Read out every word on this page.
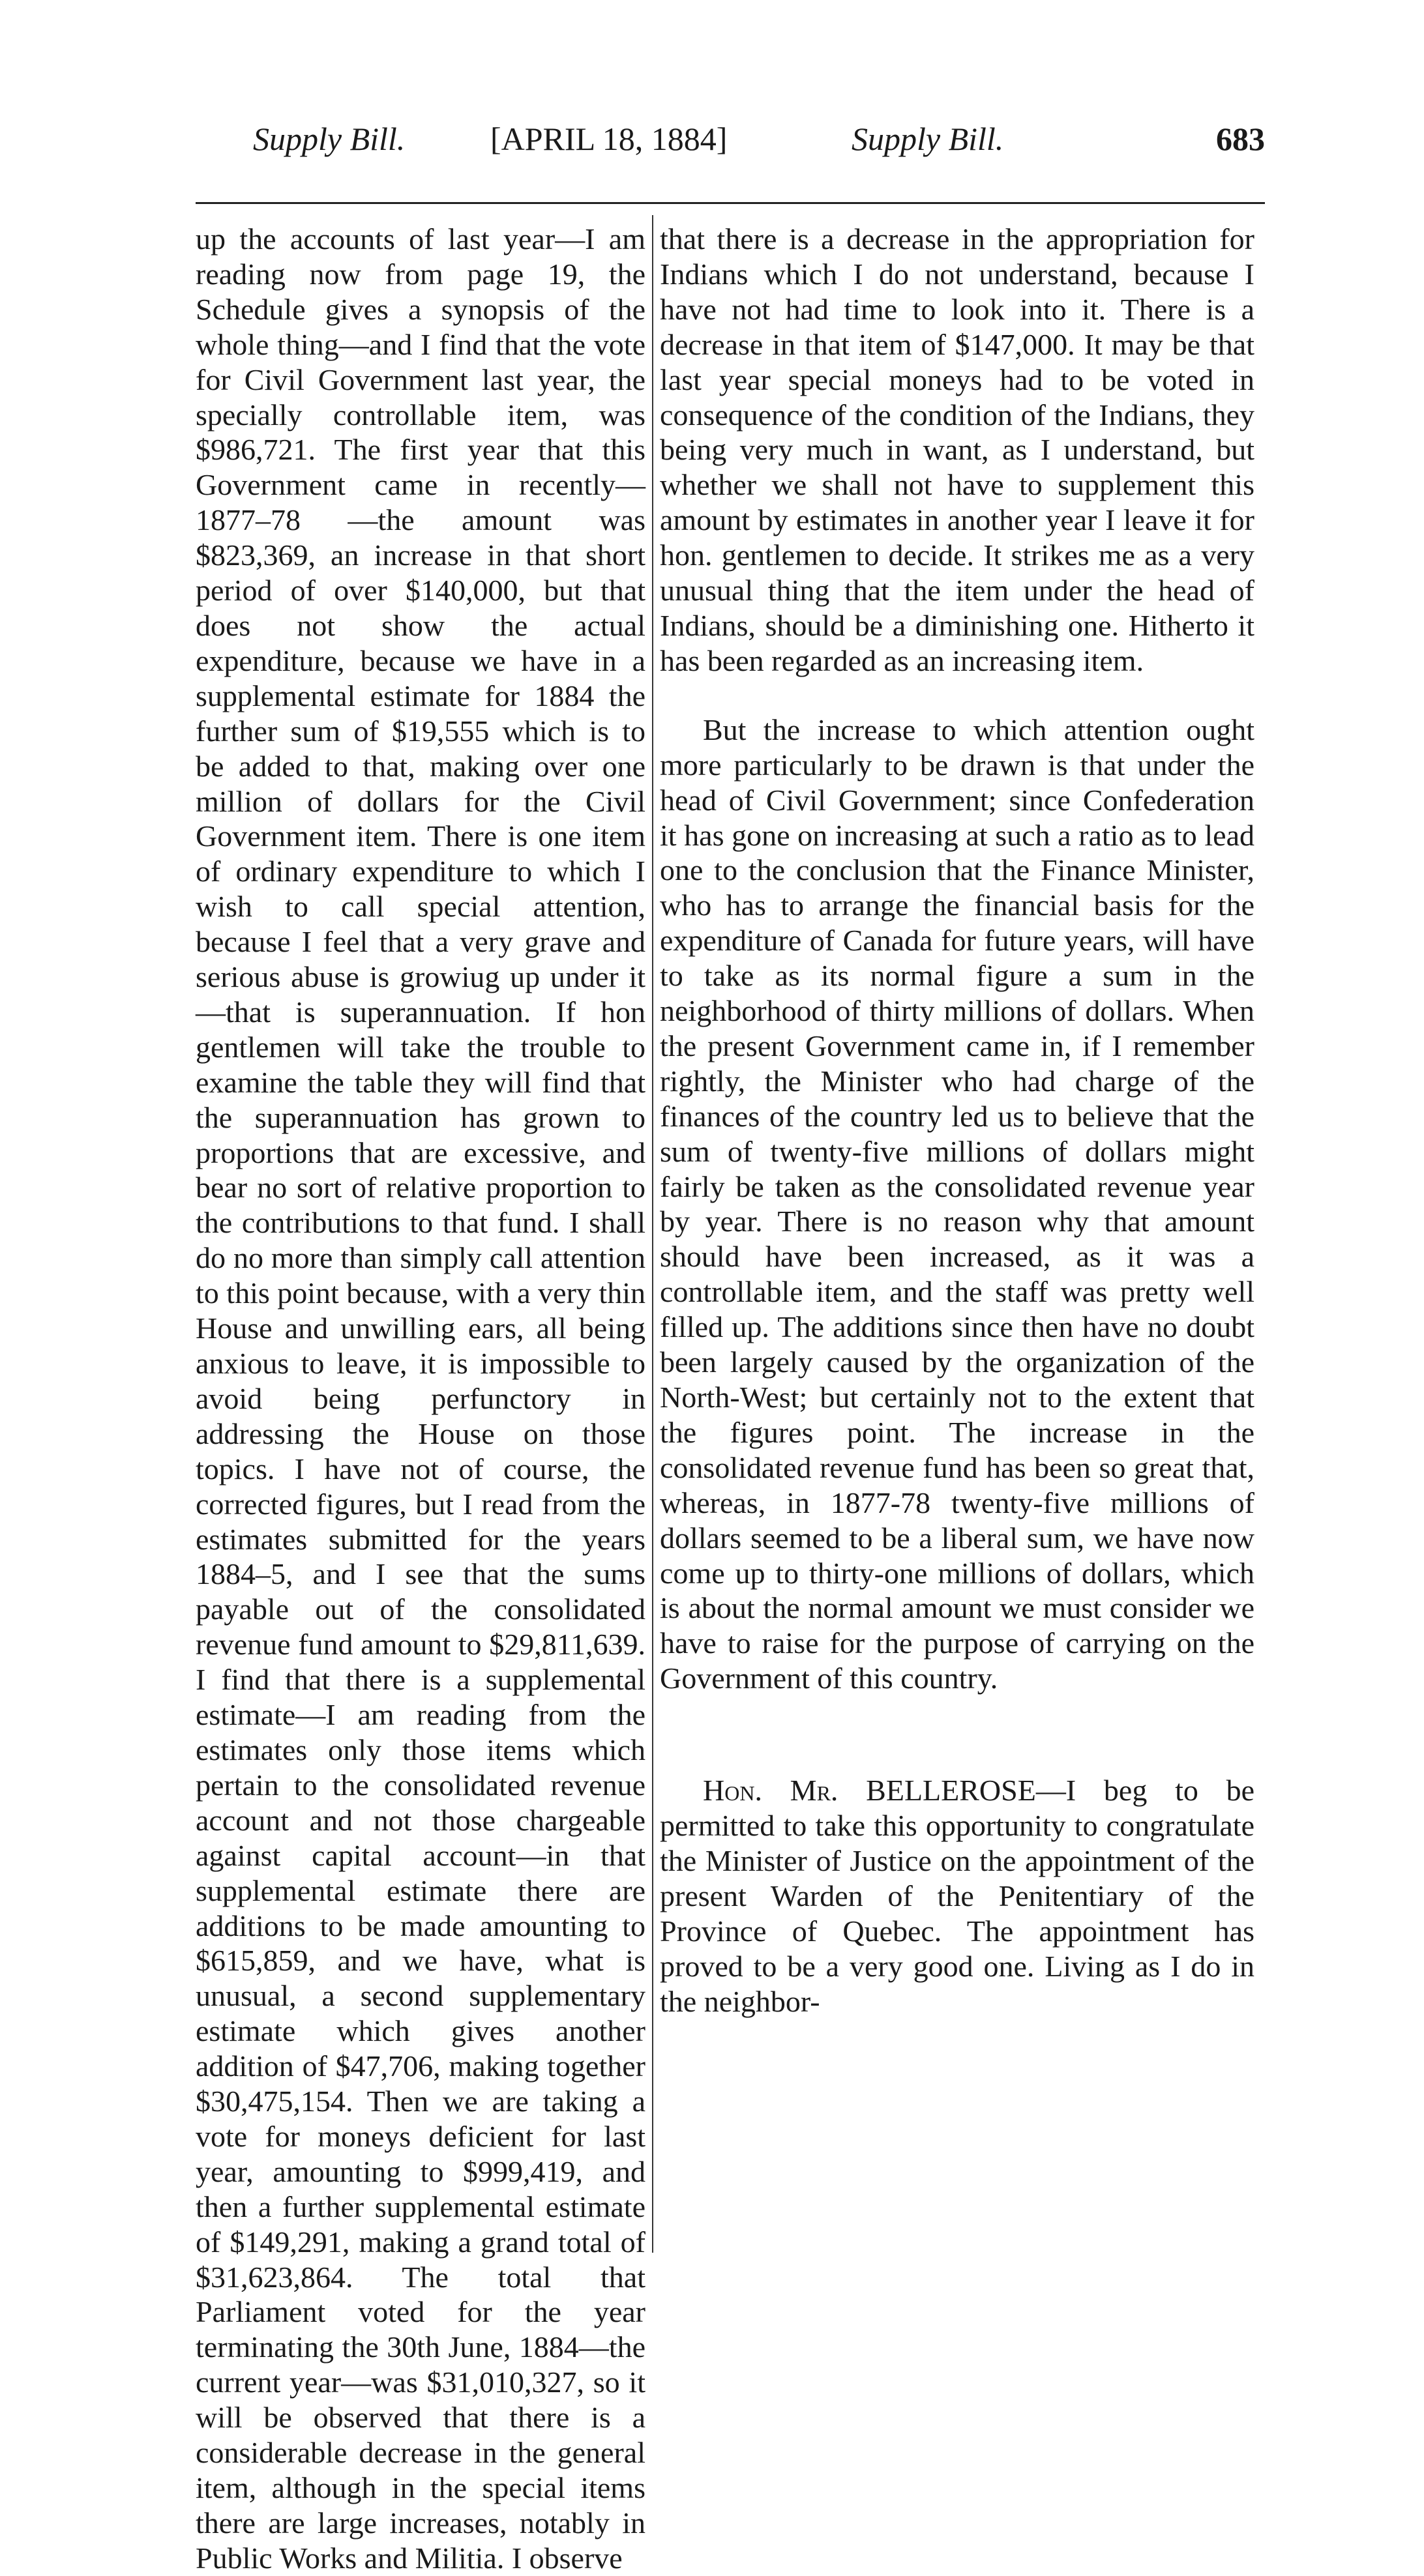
Supply Bill.	[APRIL 18, 1884]	Supply Bill.	683

up the accounts of last year—I am reading now from page 19, the Schedule gives a synopsis of the whole thing—and I find that the vote for Civil Government last year, the specially controllable item, was $986,721. The first year that this Government came in recently—1877–78 —the amount was $823,369, an increase in that short period of over $140,000, but that does not show the actual expenditure, because we have in a supplemental estimate for 1884 the further sum of $19,555 which is to be added to that, making over one million of dollars for the Civil Government item. There is one item of ordinary expenditure to which I wish to call special attention, because I feel that a very grave and serious abuse is growiug up under it—that is superannuation. If hon gentlemen will take the trouble to examine the table they will find that the superannuation has grown to proportions that are excessive, and bear no sort of relative proportion to the contributions to that fund. I shall do no more than simply call attention to this point because, with a very thin House and unwilling ears, all being anxious to leave, it is impossible to avoid being perfunctory in addressing the House on those topics. I have not of course, the corrected figures, but I read from the estimates submitted for the years 1884–5, and I see that the sums payable out of the consolidated revenue fund amount to $29,811,639. I find that there is a supplemental estimate—I am reading from the estimates only those items which pertain to the consolidated revenue account and not those chargeable against capital account—in that supplemental estimate there are additions to be made amounting to $615,859, and we have, what is unusual, a second supplementary estimate which gives another addition of $47,706, making together $30,475,154. Then we are taking a vote for moneys deficient for last year, amounting to $999,419, and then a further supplemental estimate of $149,291, making a grand total of $31,623,864. The total that Parliament voted for the year terminating the 30th June, 1884—the current year—was $31,010,327, so it will be observed that there is a considerable decrease in the general item, although in the special items there are large increases, notably in Public Works and Militia. I observe

that there is a decrease in the appropriation for Indians which I do not understand, because I have not had time to look into it. There is a decrease in that item of $147,000. It may be that last year special moneys had to be voted in consequence of the condition of the Indians, they being very much in want, as I understand, but whether we shall not have to supplement this amount by estimates in another year I leave it for hon. gentlemen to decide. It strikes me as a very unusual thing that the item under the head of Indians, should be a diminishing one. Hitherto it has been regarded as an increasing item.

But the increase to which attention ought more particularly to be drawn is that under the head of Civil Government; since Confederation it has gone on increasing at such a ratio as to lead one to the conclusion that the Finance Minister, who has to arrange the financial basis for the expenditure of Canada for future years, will have to take as its normal figure a sum in the neighborhood of thirty millions of dollars. When the present Government came in, if I remember rightly, the Minister who had charge of the finances of the country led us to believe that the sum of twenty-five millions of dollars might fairly be taken as the consolidated revenue year by year. There is no reason why that amount should have been increased, as it was a controllable item, and the staff was pretty well filled up. The additions since then have no doubt been largely caused by the organization of the North-West; but certainly not to the extent that the figures point. The increase in the consolidated revenue fund has been so great that, whereas, in 1877-78 twenty-five millions of dollars seemed to be a liberal sum, we have now come up to thirty-one millions of dollars, which is about the normal amount we must consider we have to raise for the purpose of carrying on the Government of this country.

Hon. Mr. BELLEROSE—I beg to be permitted to take this opportunity to congratulate the Minister of Justice on the appointment of the present Warden of the Penitentiary of the Province of Quebec. The appointment has proved to be a very good one. Living as I do in the neighbor-
